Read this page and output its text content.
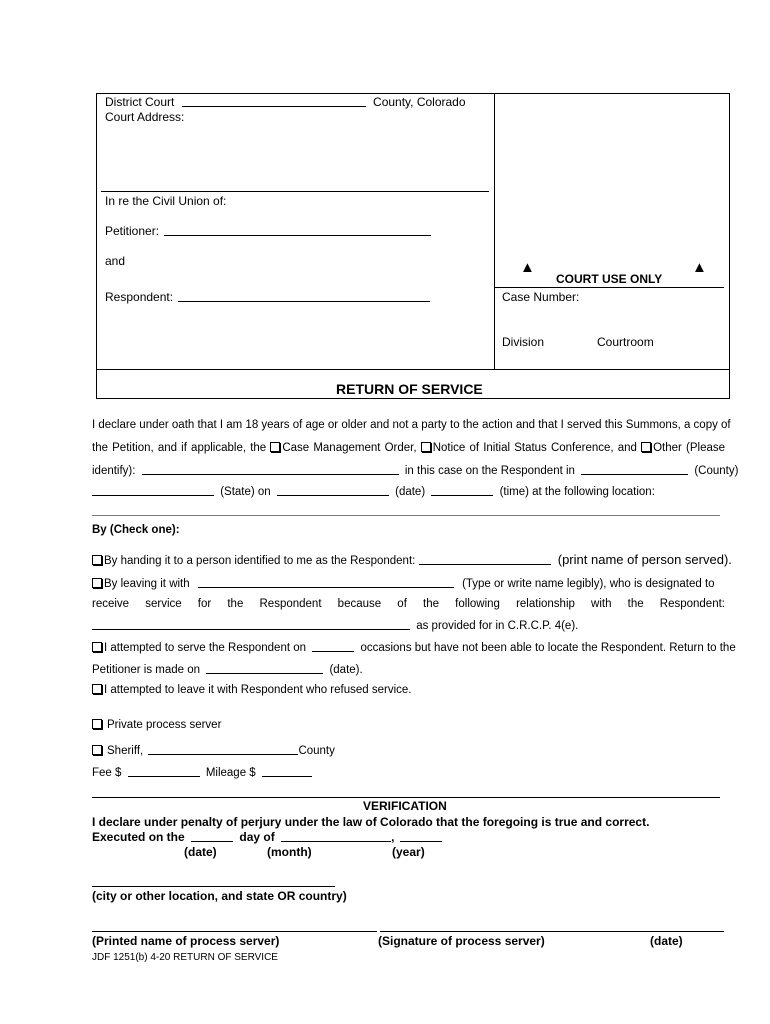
District Court	County, Colorado
Court Address:
In re the Civil Union of:
Petitioner:
and
Respondent:
▲
COURT USE ONLY
▲
Case Number:
Division	Courtroom
RETURN OF SERVICE
I declare under oath that I am 18 years of age or older and not a party to the action and that I served this Summons, a copy of
the Petition, and if applicable, the Case Management Order, Notice of Initial Status Conference, and Other (Please
identify):	in this case on the Respondent in	(County)
(State) on	(date)	(time) at the following location:
By (Check one):
By handing it to a person identified to me as the Respondent:	(print name of person served).
By leaving it with	(Type or write name legibly), who is designated to
receive service for the Respondent because of the following relationship with the Respondent:
as provided for in C.R.C.P. 4(e).
I attempted to serve the Respondent on	occasions but have not been able to locate the Respondent. Return to the
Petitioner is made on	(date).
I attempted to leave it with Respondent who refused service.
Private process server
Sheriff,	County
Fee $	Mileage $
VERIFICATION
I declare under penalty of perjury under the law of Colorado that the foregoing is true and correct.
Executed on the	day of	,
(date)	(month)	(year)
(city or other location, and state OR country)
(Printed name of process server)	(Signature of process server)	(date)
JDF 1251(b) 4-20 RETURN OF SERVICE
